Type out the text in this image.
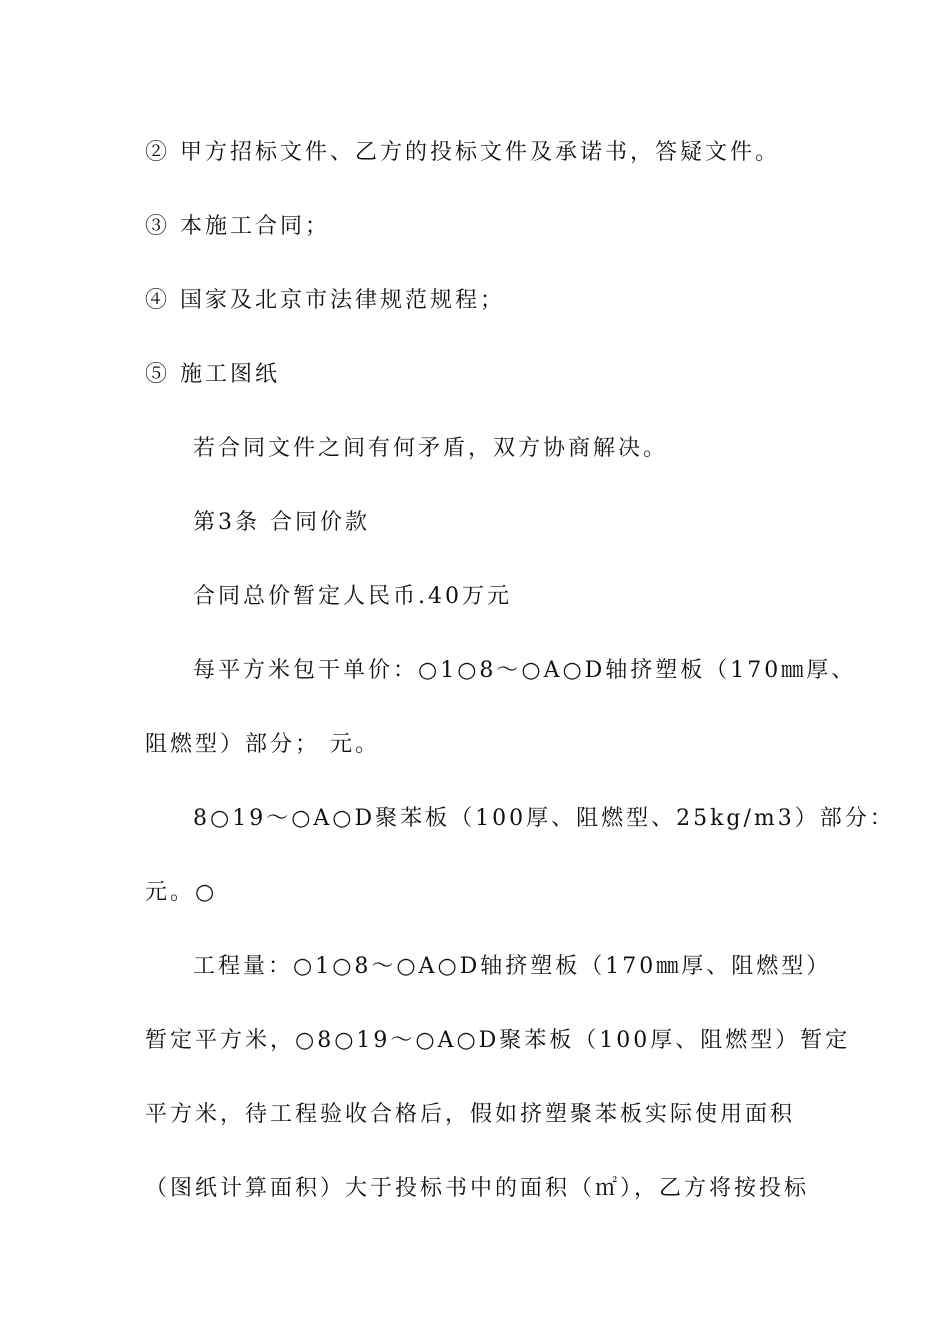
② 甲方招标文件、乙方的投标文件及承诺书，答疑文件。
③ 本施工合同；
④ 国家及北京市法律规范规程；
⑤ 施工图纸
若合同文件之间有何矛盾，双方协商解决。
第3条 合同价款
合同总价暂定人民币.40万元
每平方米包干单价：○1○8～○A○D轴挤塑板（170㎜厚、
阻燃型）部分； 元。
8○19～○A○D聚苯板（100厚、阻燃型、25kg/m3）部分：
元。○
工程量：○1○8～○A○D轴挤塑板（170㎜厚、阻燃型）
暂定平方米，○8○19～○A○D聚苯板（100厚、阻燃型）暂定
平方米，待工程验收合格后，假如挤塑聚苯板实际使用面积
（图纸计算面积）大于投标书中的面积（㎡），乙方将按投标
